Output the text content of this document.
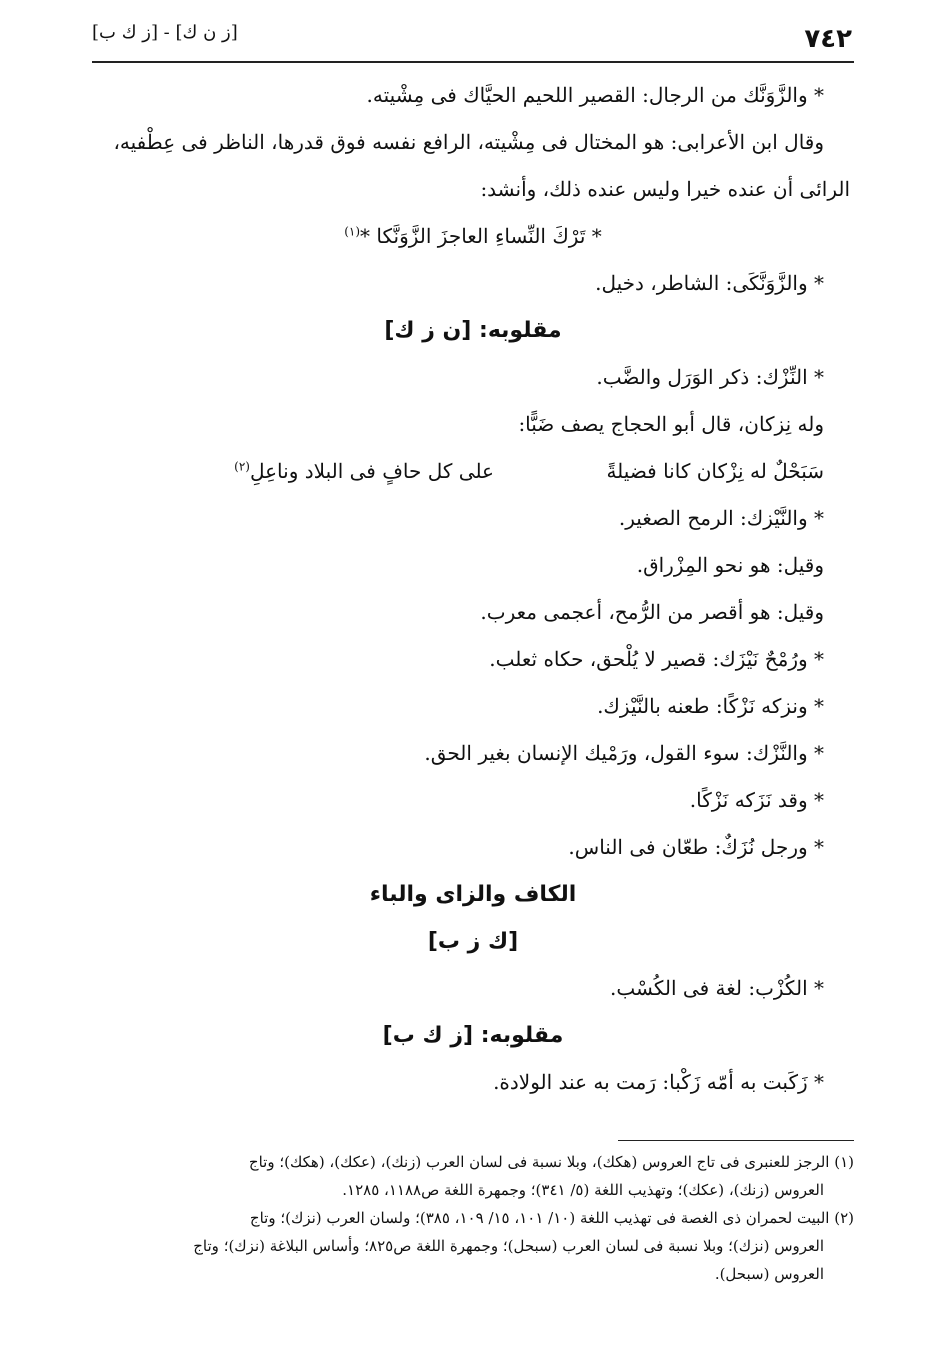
٧٤٢
[ز ن ك] - [ز ك ب]
* والزَّوَنَّك من الرجال: القصير اللحيم الحيَّاك فى مِشْيته.
وقال ابن الأعرابى: هو المختال فى مِشْيته، الرافع نفسه فوق قدرها، الناظر فى عِطْفيه،
الرائى أن عنده خيرا وليس عنده ذلك، وأنشد:
* تَرْكَ النِّساءِ العاجزَ الزَّوَنَّكا *$^{(١)}$
* والزَّوَنَّكَى: الشاطر، دخيل.
مقلوبه: [ن ز ك]
* النِّزْك: ذكر الوَرَل والضَّب.
وله نِزكان، قال أبو الحجاج يصف ضَبًّا:
سَبَحْلٌ له نِزْكان كانا فضيلةً
على كل حافٍ فى البلاد وناعِلِ$^{(٢)}$
* والنَّيْزك: الرمح الصغير.
وقيل: هو نحو المِزْراق.
وقيل: هو أقصر من الرُّمح، أعجمى معرب.
* ورُمْحٌ نَيْزَك: قصير لا يُلْحق، حكاه ثعلب.
* ونزكه نَزْكًا: طعنه بالنَّيْزك.
* والنَّزْك: سوء القول، ورَمْيك الإنسان بغير الحق.
* وقد نَزَكه نَزْكًا.
* ورجل نُزَكٌ: طعّان فى الناس.
الكاف والزاى والباء
[ك ز ب]
* الكُزْب: لغة فى الكُسْب.
مقلوبه: [ز ك ب]
* زَكَبت به أمّه زَكْبا: رَمت به عند الولادة.
(١) الرجز للعنبرى فى تاج العروس (هكك)، وبلا نسبة فى لسان العرب (زنك)، (عكك)، (هكك)؛ وتاج
العروس (زنك)، (عكك)؛ وتهذيب اللغة (٥/ ٣٤١)؛ وجمهرة اللغة ص١١٨٨، ١٢٨٥.
(٢) البيت لحمران ذى الغصة فى تهذيب اللغة (١٠/ ١٠١، ١٥/ ١٠٩، ٣٨٥)؛ ولسان العرب (نزك)؛ وتاج
العروس (نزك)؛ وبلا نسبة فى لسان العرب (سبحل)؛ وجمهرة اللغة ص٨٢٥؛ وأساس البلاغة (نزك)؛ وتاج
العروس (سبحل).
